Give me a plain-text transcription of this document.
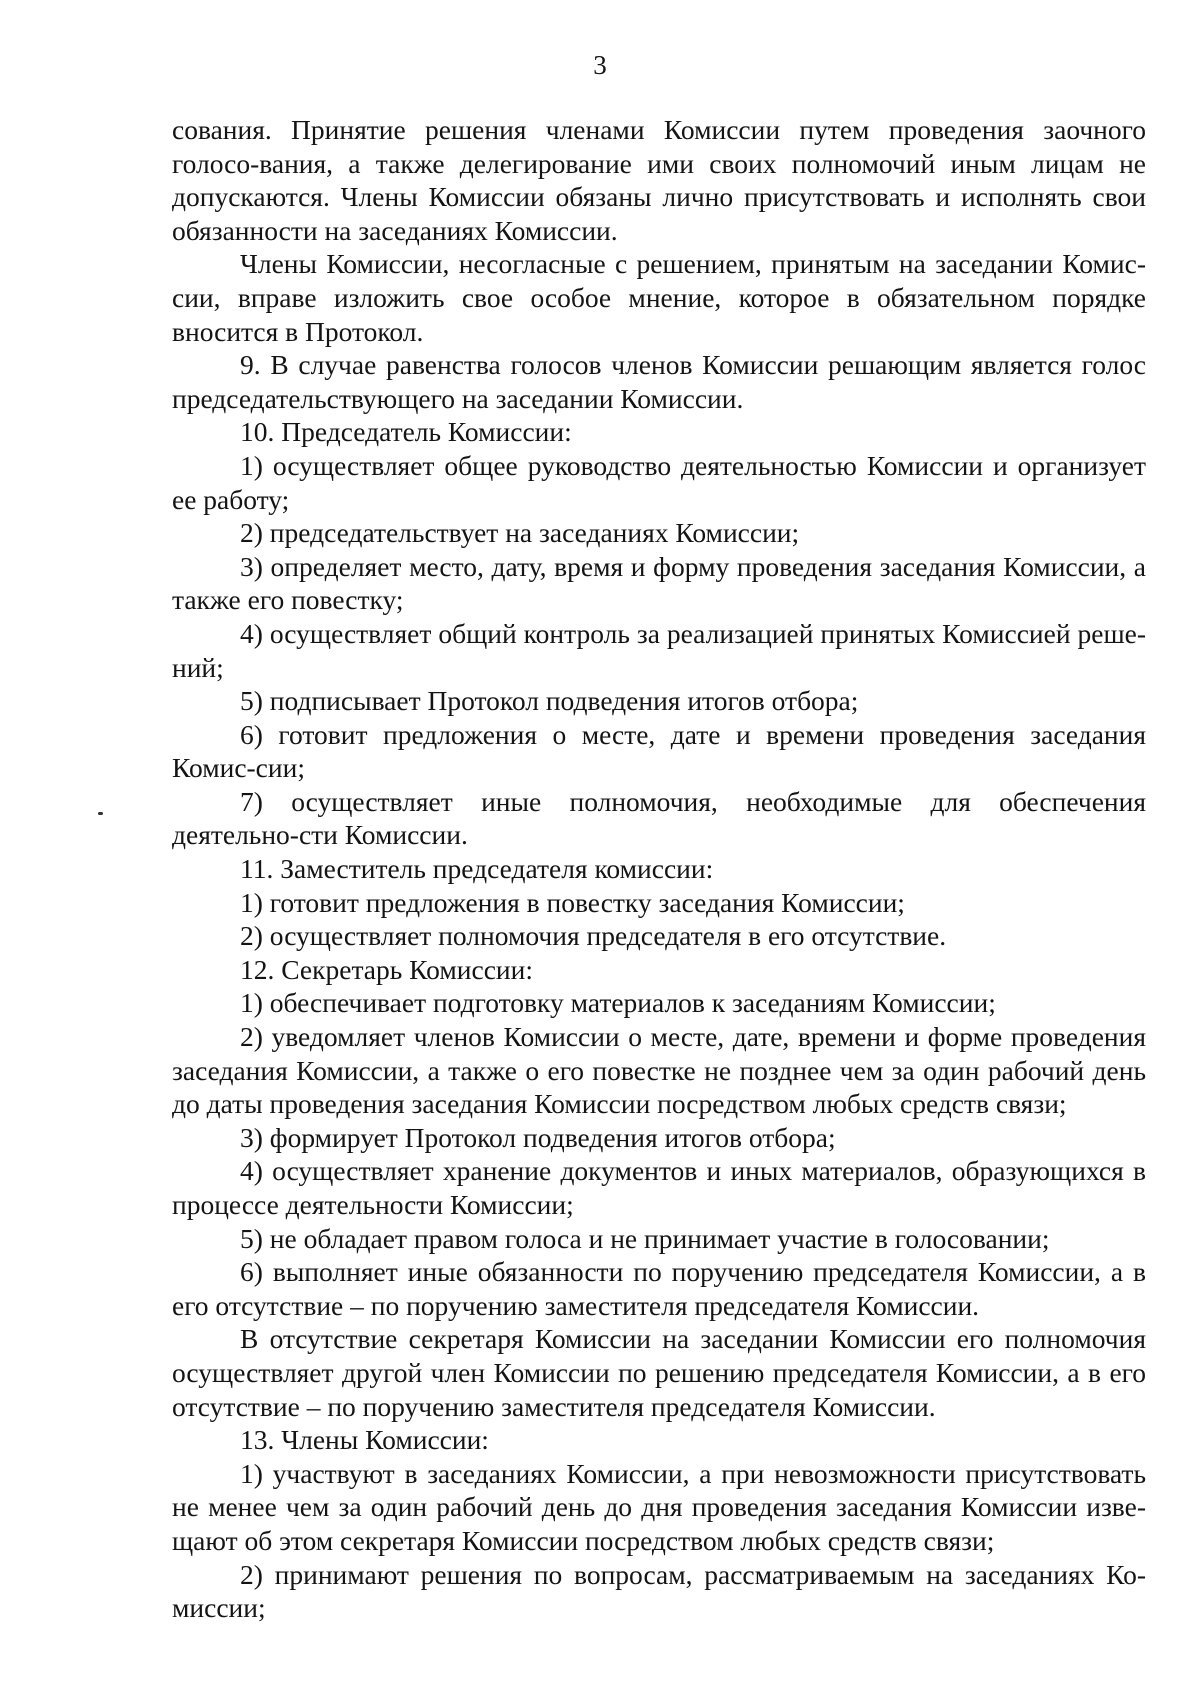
3

сования. Принятие решения членами Комиссии путем проведения заочного голосо-вания, а также делегирование ими своих полномочий иным лицам не допускаются. Члены Комиссии обязаны лично присутствовать и исполнять свои обязанности на заседаниях Комиссии.

Члены Комиссии, несогласные с решением, принятым на заседании Комис-сии, вправе изложить свое особое мнение, которое в обязательном порядке вносится в Протокол.

9. В случае равенства голосов членов Комиссии решающим является голос председательствующего на заседании Комиссии.

10. Председатель Комиссии:

1) осуществляет общее руководство деятельностью Комиссии и организует ее работу;

2) председательствует на заседаниях Комиссии;

3) определяет место, дату, время и форму проведения заседания Комиссии, а также его повестку;

4) осуществляет общий контроль за реализацией принятых Комиссией реше-ний;

5) подписывает Протокол подведения итогов отбора;

6) готовит предложения о месте, дате и времени проведения заседания Комис-сии;

7) осуществляет иные полномочия, необходимые для обеспечения деятельно-сти Комиссии.

11. Заместитель председателя комиссии:

1) готовит предложения в повестку заседания Комиссии;

2) осуществляет полномочия председателя в его отсутствие.

12. Секретарь Комиссии:

1) обеспечивает подготовку материалов к заседаниям Комиссии;

2) уведомляет членов Комиссии о месте, дате, времени и форме проведения заседания Комиссии, а также о его повестке не позднее чем за один рабочий день до даты проведения заседания Комиссии посредством любых средств связи;

3) формирует Протокол подведения итогов отбора;

4) осуществляет хранение документов и иных материалов, образующихся в процессе деятельности Комиссии;

5) не обладает правом голоса и не принимает участие в голосовании;

6) выполняет иные обязанности по поручению председателя Комиссии, а в его отсутствие – по поручению заместителя председателя Комиссии.

В отсутствие секретаря Комиссии на заседании Комиссии его полномочия осуществляет другой член Комиссии по решению председателя Комиссии, а в его отсутствие – по поручению заместителя председателя Комиссии.

13. Члены Комиссии:

1) участвуют в заседаниях Комиссии, а при невозможности присутствовать не менее чем за один рабочий день до дня проведения заседания Комиссии изве-щают об этом секретаря Комиссии посредством любых средств связи;

2) принимают решения по вопросам, рассматриваемым на заседаниях Ко-миссии;
